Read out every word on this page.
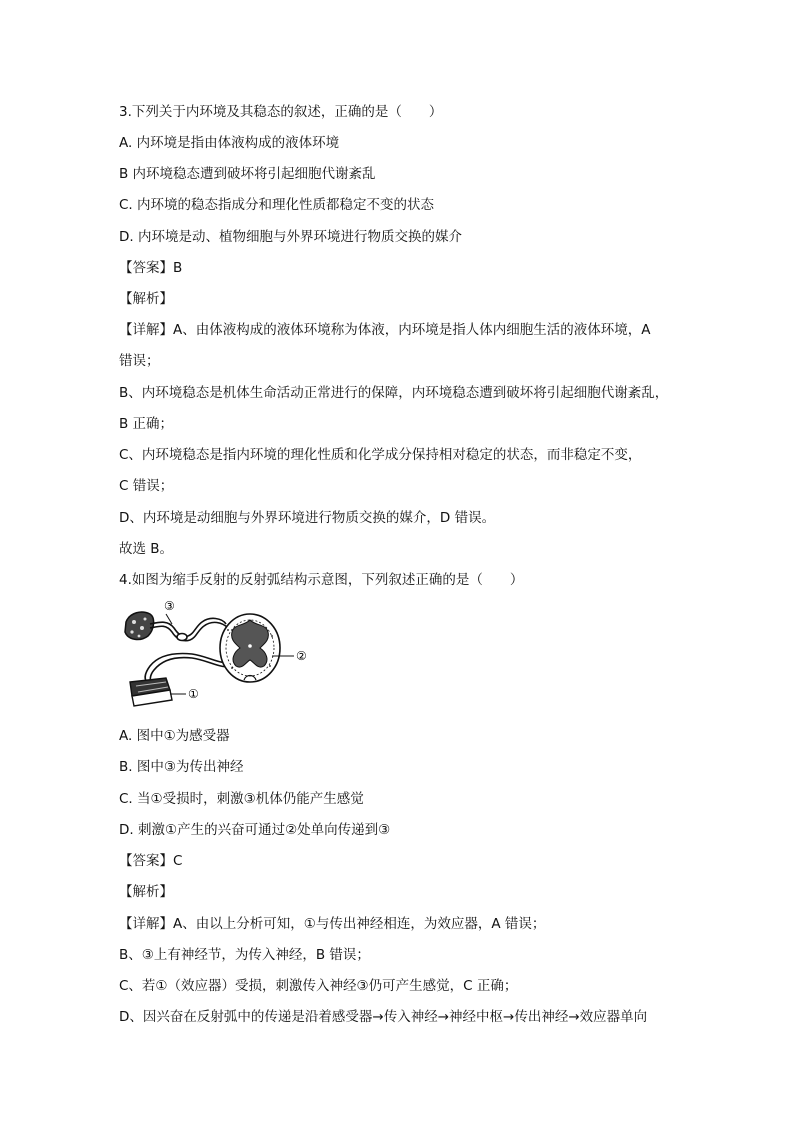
3.下列关于内环境及其稳态的叙述，正确的是（　　）
A. 内环境是指由体液构成的液体环境
B 内环境稳态遭到破坏将引起细胞代谢紊乱
C. 内环境的稳态指成分和理化性质都稳定不变的状态
D. 内环境是动、植物细胞与外界环境进行物质交换的媒介
【答案】B
【解析】
【详解】A、由体液构成的液体环境称为体液，内环境是指人体内细胞生活的液体环境，A
错误；
B、内环境稳态是机体生命活动正常进行的保障，内环境稳态遭到破坏将引起细胞代谢紊乱，
B 正确；
C、内环境稳态是指内环境的理化性质和化学成分保持相对稳定的状态，而非稳定不变，
C 错误；
D、内环境是动细胞与外界环境进行物质交换的媒介，D 错误。
故选 B。
4.如图为缩手反射的反射弧结构示意图，下列叙述正确的是（　　）
③
②
①
A. 图中①为感受器
B. 图中③为传出神经
C. 当①受损时，刺激③机体仍能产生感觉
D. 刺激①产生的兴奋可通过②处单向传递到③
【答案】C
【解析】
【详解】A、由以上分析可知，①与传出神经相连，为效应器，A 错误；
B、③上有神经节，为传入神经，B 错误；
C、若①（效应器）受损，刺激传入神经③仍可产生感觉，C 正确；
D、因兴奋在反射弧中的传递是沿着感受器→传入神经→神经中枢→传出神经→效应器单向
